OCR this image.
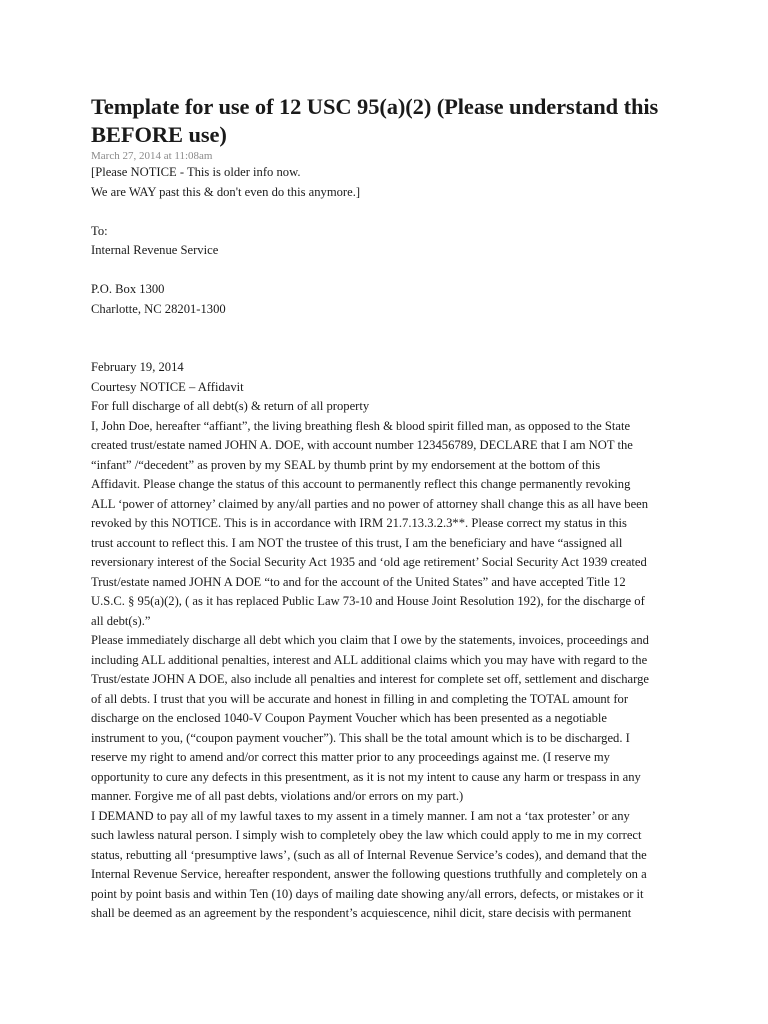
Template for use of 12 USC 95(a)(2) (Please understand this
BEFORE use)

March 27, 2014 at 11:08am

[Please NOTICE - This is older info now.
We are WAY past this & don't even do this anymore.]
To:
Internal Revenue Service
P.O. Box 1300
Charlotte, NC 28201-1300
February 19, 2014
Courtesy NOTICE – Affidavit
For full discharge of all debt(s) & return of all property
I, John Doe, hereafter “affiant”, the living breathing flesh & blood spirit filled man, as opposed to the State
created trust/estate named JOHN A. DOE, with account number 123456789, DECLARE that I am NOT the
“infant” /“decedent” as proven by my SEAL by thumb print by my endorsement at the bottom of this
Affidavit. Please change the status of this account to permanently reflect this change permanently revoking
ALL ‘power of attorney’ claimed by any/all parties and no power of attorney shall change this as all have been
revoked by this NOTICE. This is in accordance with IRM 21.7.13.3.2.3**. Please correct my status in this
trust account to reflect this. I am NOT the trustee of this trust, I am the beneficiary and have “assigned all
reversionary interest of the Social Security Act 1935 and ‘old age retirement’ Social Security Act 1939 created
Trust/estate named JOHN A DOE “to and for the account of the United States” and have accepted Title 12
U.S.C. § 95(a)(2), ( as it has replaced Public Law 73-10 and House Joint Resolution 192), for the discharge of
all debt(s).”
Please immediately discharge all debt which you claim that I owe by the statements, invoices, proceedings and
including ALL additional penalties, interest and ALL additional claims which you may have with regard to the
Trust/estate JOHN A DOE, also include all penalties and interest for complete set off, settlement and discharge
of all debts. I trust that you will be accurate and honest in filling in and completing the TOTAL amount for
discharge on the enclosed 1040-V Coupon Payment Voucher which has been presented as a negotiable
instrument to you, (“coupon payment voucher”). This shall be the total amount which is to be discharged. I
reserve my right to amend and/or correct this matter prior to any proceedings against me. (I reserve my
opportunity to cure any defects in this presentment, as it is not my intent to cause any harm or trespass in any
manner. Forgive me of all past debts, violations and/or errors on my part.)
I DEMAND to pay all of my lawful taxes to my assent in a timely manner. I am not a ‘tax protester’ or any
such lawless natural person. I simply wish to completely obey the law which could apply to me in my correct
status, rebutting all ‘presumptive laws’, (such as all of Internal Revenue Service’s codes), and demand that the
Internal Revenue Service, hereafter respondent, answer the following questions truthfully and completely on a
point by point basis and within Ten (10) days of mailing date showing any/all errors, defects, or mistakes or it
shall be deemed as an agreement by the respondent’s acquiescence, nihil dicit, stare decisis with permanent
